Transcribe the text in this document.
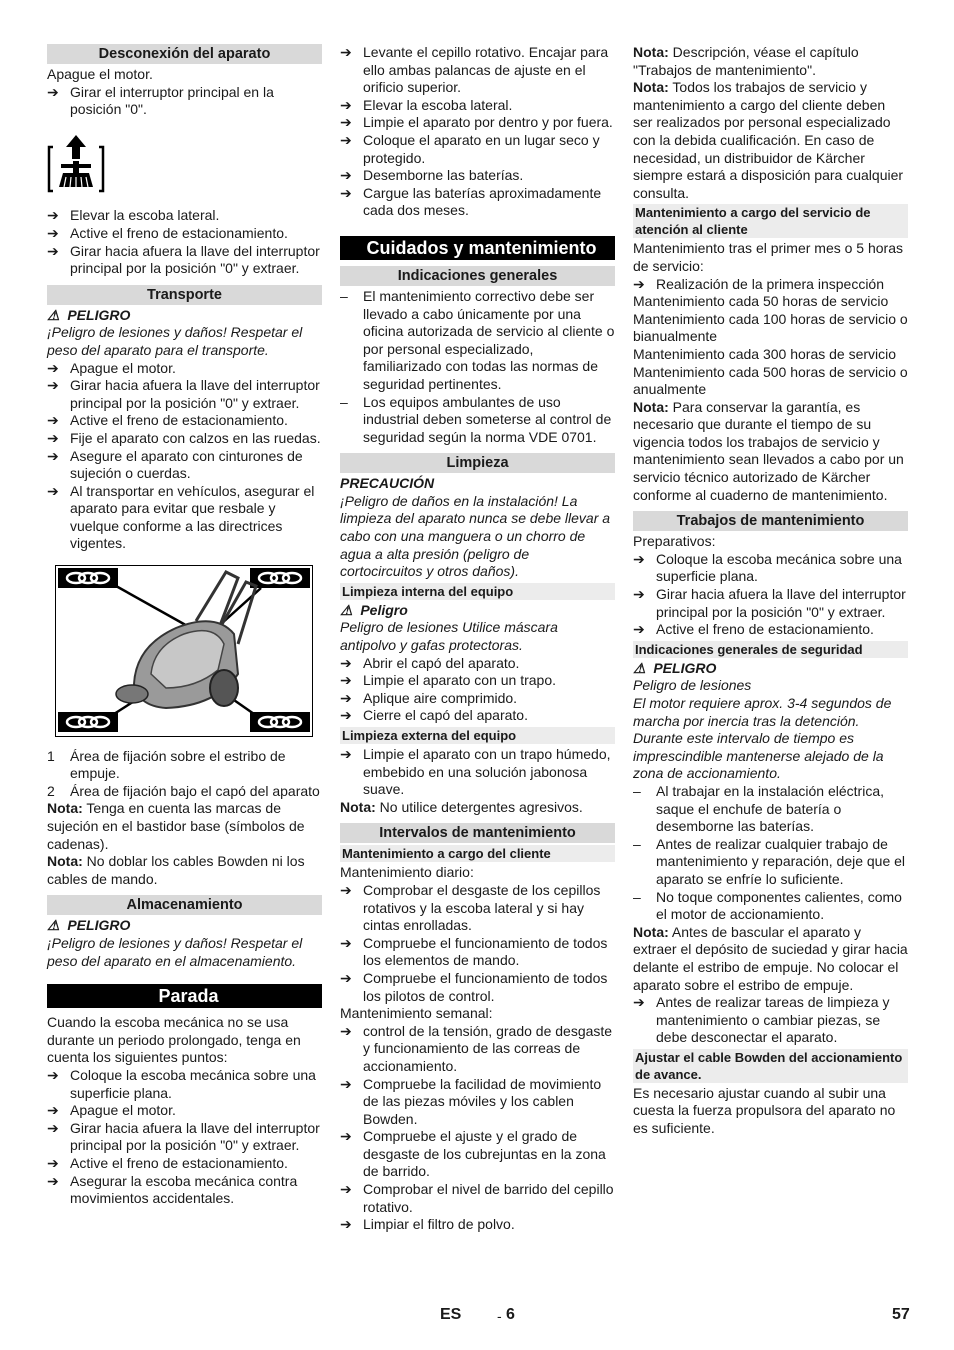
Desconexión del aparato

Apague el motor.

➔ Girar el interruptor principal en la posición "0".
➔ Elevar la escoba lateral.
➔ Active el freno de estacionamiento.
➔ Girar hacia afuera la llave del interruptor principal por la posición "0" y extraer.
Transporte

⚠ PELIGRO

¡Peligro de lesiones y daños! Respetar el peso del aparato para el transporte.

➔ Apague el motor.
➔ Girar hacia afuera la llave del interruptor principal por la posición "0" y extraer.
➔ Active el freno de estacionamiento.
➔ Fije el aparato con calzos en las ruedas.
➔ Asegure el aparato con cinturones de sujeción o cuerdas.
➔ Al transportar en vehículos, asegurar el aparato para evitar que resbale y vuelque conforme a las directrices vigentes.
1	Área de fijación sobre el estribo de empuje.
2	Área de fijación bajo el capó del aparato

Nota: Tenga en cuenta las marcas de sujeción en el bastidor base (símbolos de cadenas).

Nota: No doblar los cables Bowden ni los cables de mando.

Almacenamiento

⚠ PELIGRO

¡Peligro de lesiones y daños! Respetar el peso del aparato en el almacenamiento.

Parada

Cuando la escoba mecánica no se usa durante un periodo prolongado, tenga en cuenta los siguientes puntos:

➔ Coloque la escoba mecánica sobre una superficie plana.
➔ Apague el motor.
➔ Girar hacia afuera la llave del interruptor principal por la posición "0" y extraer.
➔ Active el freno de estacionamiento.
➔ Asegurar la escoba mecánica contra movimientos accidentales.
➔ Levante el cepillo rotativo. Encajar para ello ambas palancas de ajuste en el orificio superior.
➔ Elevar la escoba lateral.
➔ Limpie el aparato por dentro y por fuera.
➔ Coloque el aparato en un lugar seco y protegido.
➔ Desemborne las baterías.
➔ Cargue las baterías aproximadamente cada dos meses.
Cuidados y mantenimiento
Indicaciones generales
–	El mantenimiento correctivo debe ser llevado a cabo únicamente por una oficina autorizada de servicio al cliente o por personal especializado, familiarizado con todas las normas de seguridad pertinentes.
–	Los equipos ambulantes de uso industrial deben someterse al control de seguridad según la norma VDE 0701.
Limpieza

PRECAUCIÓN

¡Peligro de daños en la instalación! La limpieza del aparato nunca se debe llevar a cabo con una manguera o un chorro de agua a alta presión (peligro de cortocircuitos y otros daños).

Limpieza interna del equipo

⚠ Peligro

Peligro de lesiones Utilice máscara antipolvo y gafas protectoras.

➔ Abrir el capó del aparato.
➔ Limpie el aparato con un trapo.
➔ Aplique aire comprimido.
➔ Cierre el capó del aparato.
Limpieza externa del equipo
➔ Limpie el aparato con un trapo húmedo, embebido en una solución jabonosa suave.

Nota: No utilice detergentes agresivos.

Intervalos de mantenimiento
Mantenimiento a cargo del cliente

Mantenimiento diario:

➔ Comprobar el desgaste de los cepillos rotativos y la escoba lateral y si hay cintas enrolladas.
➔ Compruebe el funcionamiento de todos los elementos de mando.
➔ Compruebe el funcionamiento de todos los pilotos de control.

Mantenimiento semanal:

➔ control de la tensión, grado de desgaste y funcionamiento de las correas de accionamiento.
➔ Compruebe la facilidad de movimiento de las piezas móviles y los cablen Bowden.
➔ Compruebe el ajuste y el grado de desgaste de los cubrejuntas en la zona de barrido.
➔ Comprobar el nivel de barrido del cepillo rotativo.
➔ Limpiar el filtro de polvo.

Nota: Descripción, véase el capítulo "Trabajos de mantenimiento".

Nota: Todos los trabajos de servicio y mantenimiento a cargo del cliente deben ser realizados por personal especializado con la debida cualificación. En caso de necesidad, un distribuidor de Kärcher siempre estará a disposición para cualquier consulta.

Mantenimiento a cargo del servicio de atención al cliente

Mantenimiento tras el primer mes o 5 horas de servicio:

➔ Realización de la primera inspección

Mantenimiento cada 50 horas de servicio

Mantenimiento cada 100 horas de servicio o bianualmente

Mantenimiento cada 300 horas de servicio

Mantenimiento cada 500 horas de servicio o anualmente

Nota: Para conservar la garantía, es necesario que durante el tiempo de su vigencia todos los trabajos de servicio y mantenimiento sean llevados a cabo por un servicio técnico autorizado de Kärcher conforme al cuaderno de mantenimiento.

Trabajos de mantenimiento

Preparativos:

➔ Coloque la escoba mecánica sobre una superficie plana.
➔ Girar hacia afuera la llave del interruptor principal por la posición "0" y extraer.
➔ Active el freno de estacionamiento.
Indicaciones generales de seguridad

⚠ PELIGRO

Peligro de lesiones

El motor requiere aprox. 3-4 segundos de marcha por inercia tras la detención. Durante este intervalo de tiempo es imprescindible mantenerse alejado de la zona de accionamiento.

–	Al trabajar en la instalación eléctrica, saque el enchufe de batería o desemborne las baterías.
–	Antes de realizar cualquier trabajo de mantenimiento y reparación, deje que el aparato se enfríe lo suficiente.
–	No toque componentes calientes, como el motor de accionamiento.

Nota: Antes de bascular el aparato y extraer el depósito de suciedad y girar hacia delante el estribo de empuje. No colocar el aparato sobre el estribo de empuje.

➔ Antes de realizar tareas de limpieza y mantenimiento o cambiar piezas, se debe desconectar el aparato.
Ajustar el cable Bowden del accionamiento de avance.

Es necesario ajustar cuando al subir una cuesta la fuerza propulsora del aparato no es suficiente.

ES	- 6	57
